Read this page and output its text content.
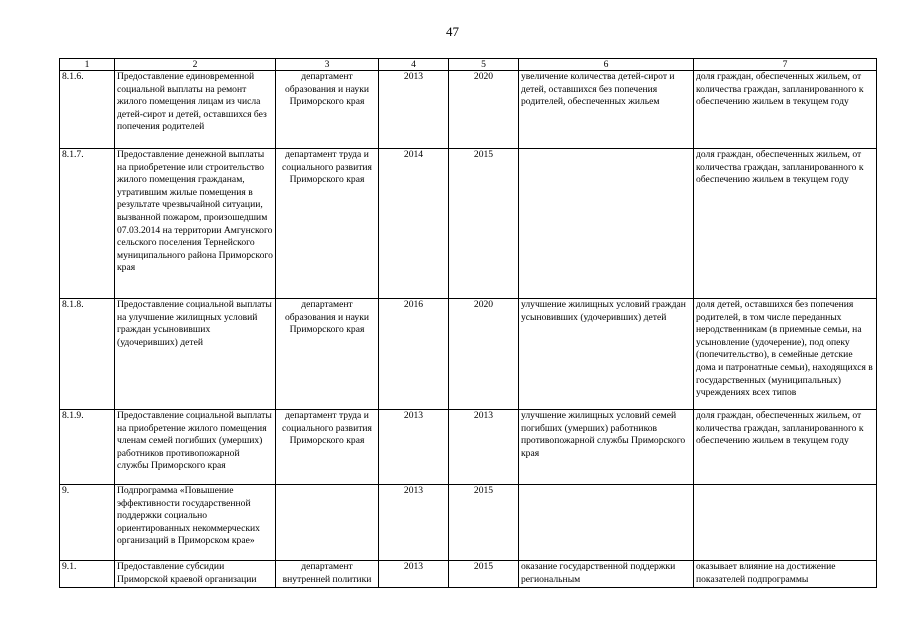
47
1	2	3	4	5	6	7
8.1.6.	Предоставление единовременной социальной выплаты на ремонт жилого помещения лицам из числа детей-сирот и детей, оставшихся без попечения родителей	департамент образования и науки Приморского края	2013	2020	увеличение количества детей-сирот и детей, оставшихся без попечения родителей, обеспеченных жильем	доля граждан, обеспеченных жильем, от количества граждан, запланированного к обеспечению жильем в текущем году
8.1.7.	Предоставление денежной выплаты на приобретение или строительство жилого помещения гражданам, утратившим жилые помещения в результате чрезвычайной ситуации, вызванной пожаром, произошедшим 07.03.2014 на территории Амгунского сельского поселения Тернейского муниципального района Приморского края	департамент труда и социального развития Приморского края	2014	2015		доля граждан, обеспеченных жильем, от количества граждан, запланированного к обеспечению жильем в текущем году
8.1.8.	Предоставление социальной выплаты на улучшение жилищных условий граждан усыновивших (удочеривших) детей	департамент образования и науки Приморского края	2016	2020	улучшение жилищных условий граждан усыновивших (удочеривших) детей	доля детей, оставшихся без попечения родителей, в том числе переданных неродственникам (в приемные семьи, на усыновление (удочерение), под опеку (попечительство), в семейные детские дома и патронатные семьи), находящихся в государственных (муниципальных) учреждениях всех типов
8.1.9.	Предоставление социальной выплаты на приобретение жилого помещения членам семей погибших (умерших) работников противопожарной службы Приморского края	департамент труда и социального развития Приморского края	2013	2013	улучшение жилищных условий семей погибших (умерших) работников противопожарной службы Приморского края	доля граждан, обеспеченных жильем, от количества граждан, запланированного к обеспечению жильем в текущем году
9.	Подпрограмма «Повышение эффективности государственной поддержки социально ориентированных некоммерческих организаций в Приморском крае»		2013	2015		
9.1.	Предоставление субсидии Приморской краевой организации	департамент внутренней политики	2013	2015	оказание государственной поддержки региональным	оказывает влияние на достижение показателей подпрограммы
